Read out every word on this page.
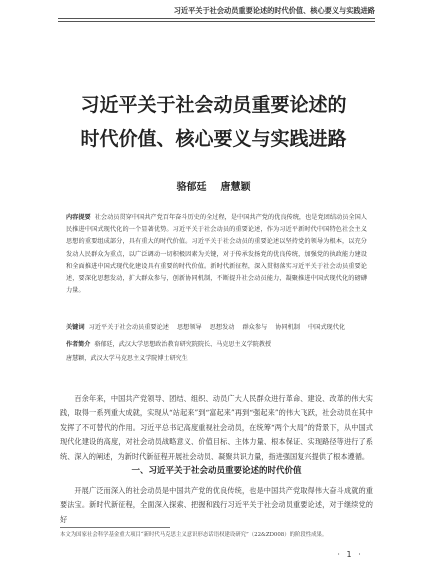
习近平关于社会动员重要论述的时代价值、核心要义与实践进路
习近平关于社会动员重要论述的
时代价值、核心要义与实践进路
骆郁廷 唐慧颖
内容提要 社会动员贯穿中国共产党百年奋斗历史的全过程，是中国共产党的优良传统，也是党团结动员全国人民推进中国式现代化的一个显著优势。习近平关于社会动员的重要论述，作为习近平新时代中国特色社会主义思想的重要组成部分，具有重大的时代价值。习近平关于社会动员的重要论述以坚持党的领导为根本，以充分发动人民群众为重点，以广泛调动一切积极因素为关键，对于传承发扬党的优良传统，加强党的执政能力建设和全面推进中国式现代化建设具有重要的时代价值。新时代新征程，深入贯彻落实习近平关于社会动员重要论述，要深化思想发动，扩大群众参与，创新协同机制，不断提升社会动员能力，凝聚推进中国式现代化的磅礴力量。
关键词 习近平关于社会动员重要论述 思想领导 思想发动 群众参与 协同机制 中国式现代化
作者简介 骆郁廷，武汉大学思想政治教育研究院院长、马克思主义学院教授
唐慧颖，武汉大学马克思主义学院博士研究生
百余年来，中国共产党领导、团结、组织、动员广大人民群众进行革命、建设、改革的伟大实践，取得一系列重大成就，实现从“站起来”到“富起来”再到“强起来”的伟大飞跃，社会动员在其中发挥了不可替代的作用。习近平总书记高度重视社会动员，在统筹“两个大局”的背景下，从中国式现代化建设的高度，对社会动员战略意义、价值目标、主体力量、根本保证、实现路径等进行了系统、深入的阐述，为新时代新征程开展社会动员、凝聚共识力量，指进强国复兴提供了根本遵循。
一、习近平关于社会动员重要论述的时代价值
开展广泛而深入的社会动员是中国共产党的优良传统，也是中国共产党取得伟大奋斗成就的重要法宝。新时代新征程，全面深入探索、把握和践行习近平关于社会动员重要论述，对于继续党的好
本文为国家社会科学基金重大项目“新时代马克思主义意识形态话语权建设研究”（22&ZD008）的阶段性成果。
· 1 ·
